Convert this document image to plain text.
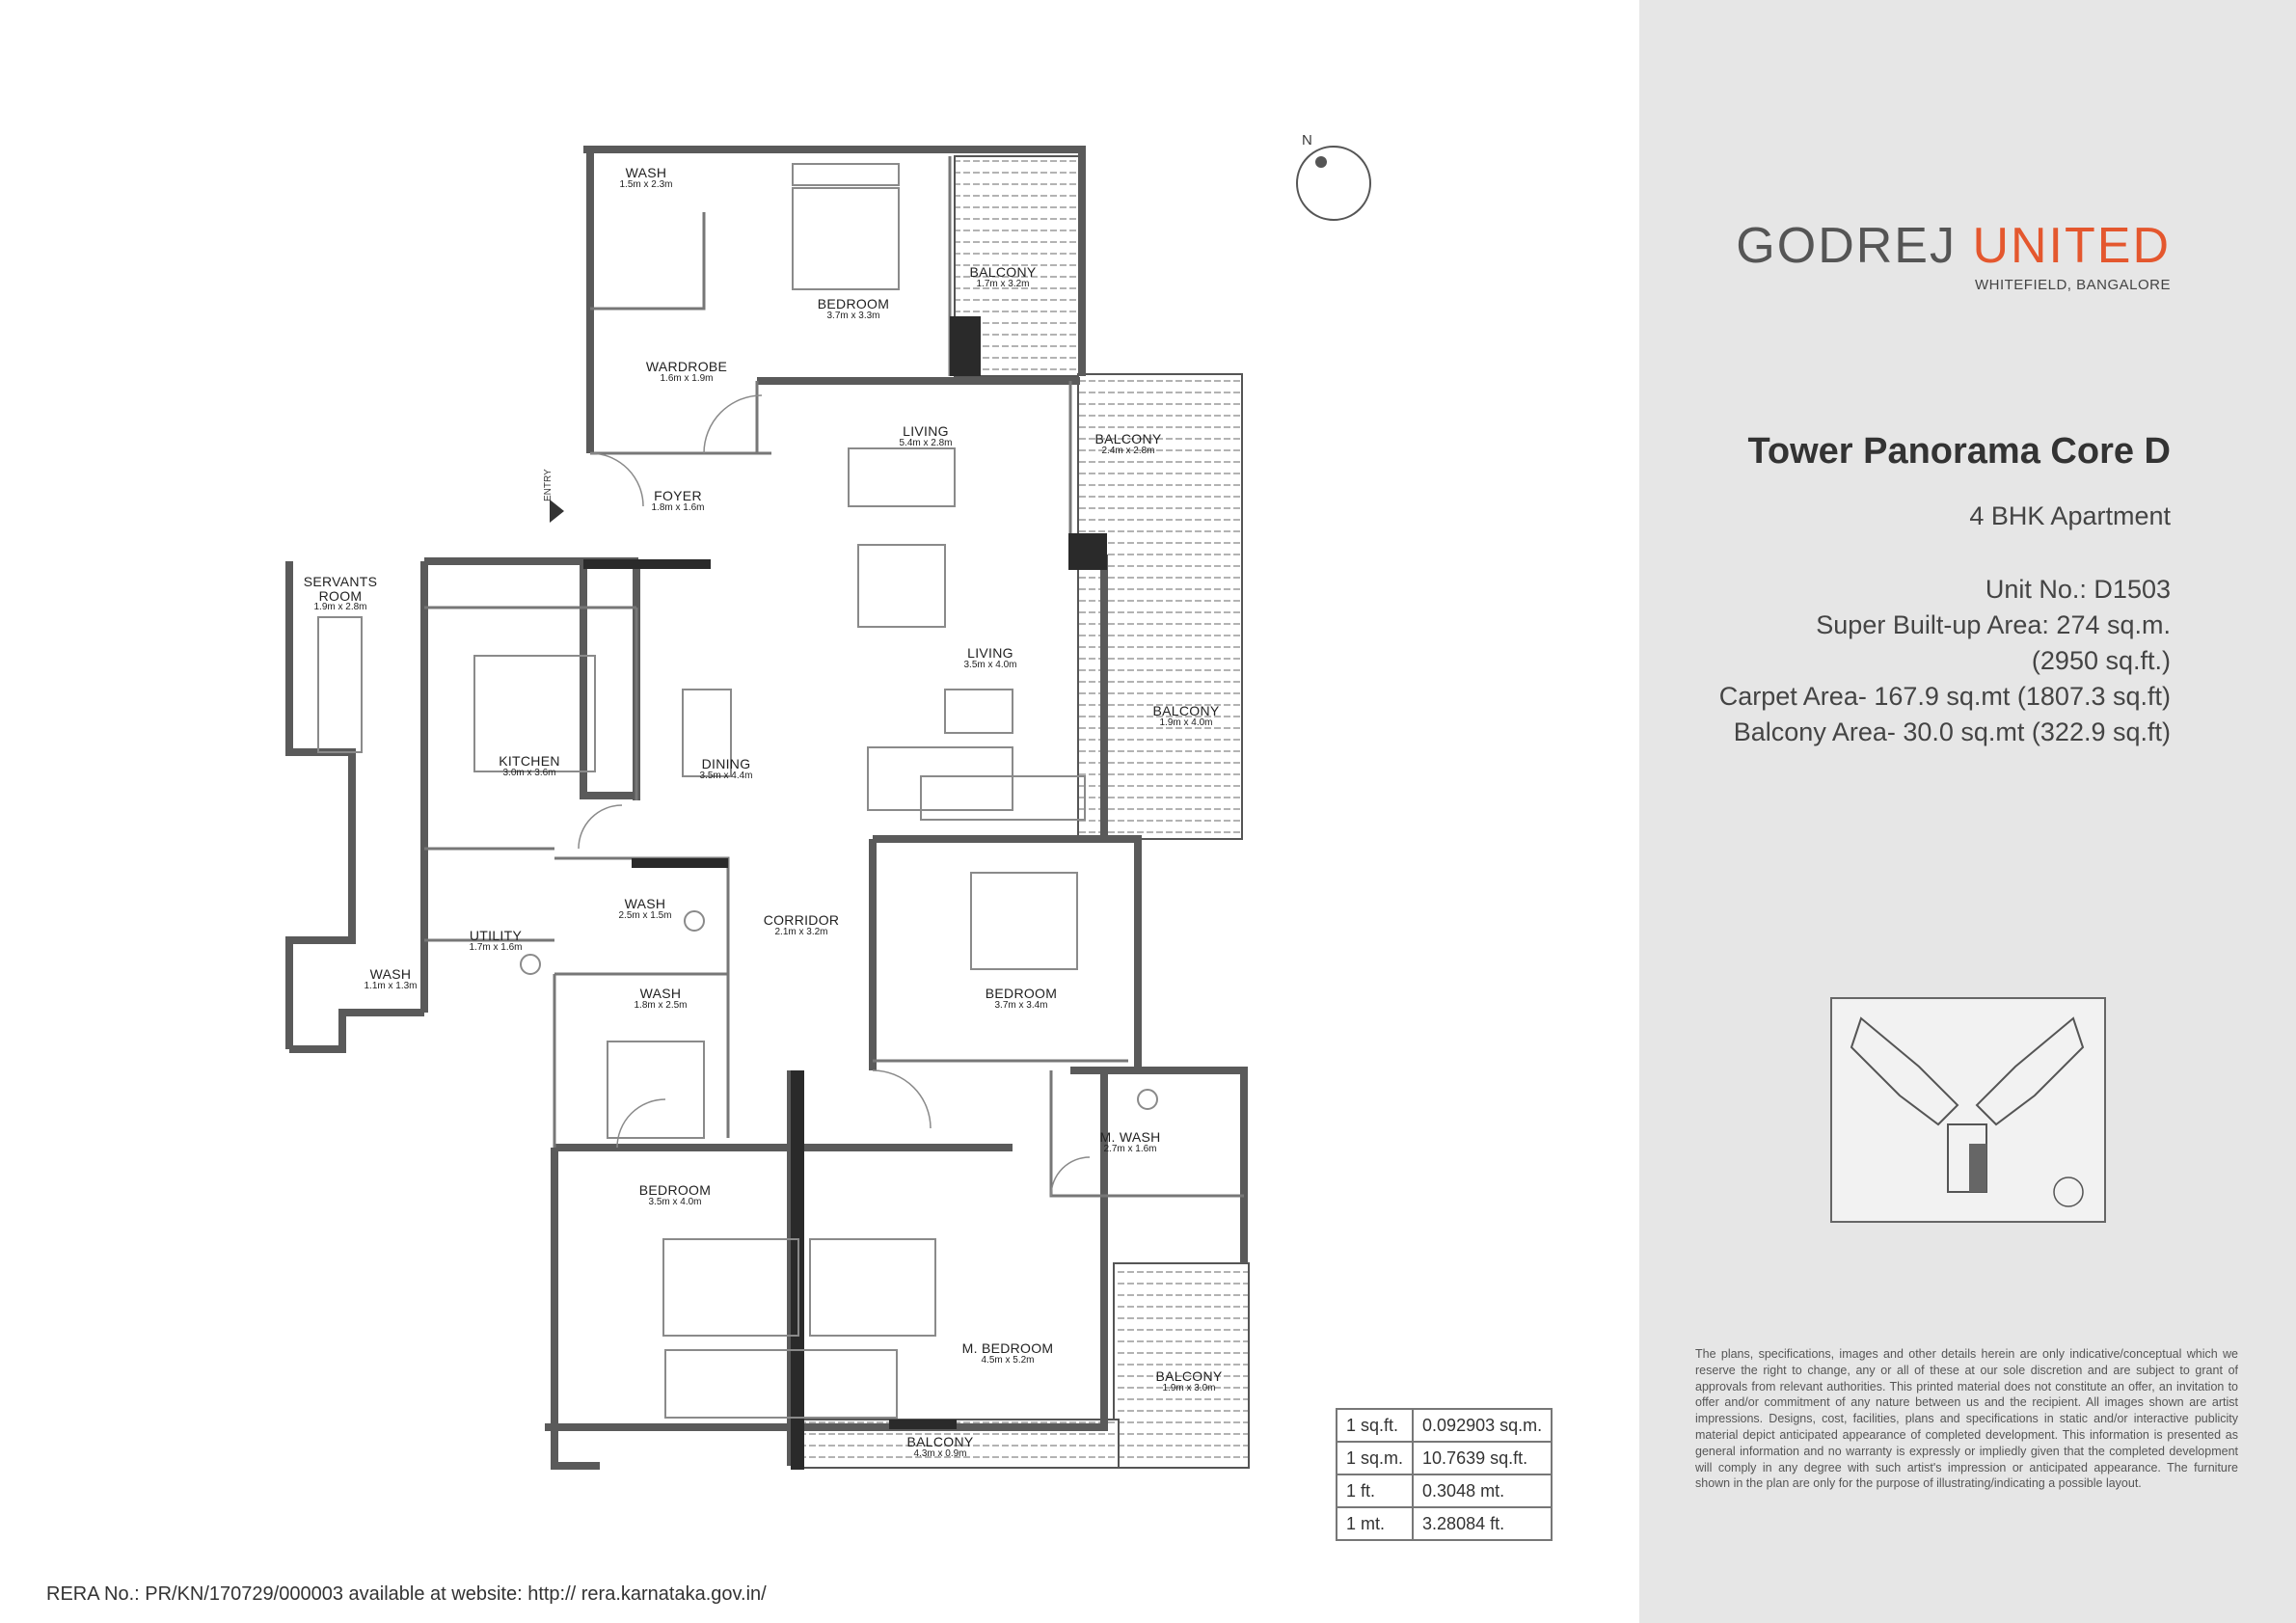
N
ENTRY
WASH
1.5m x 2.3m
BEDROOM
3.7m x 3.3m
BALCONY
1.7m x 3.2m
WARDROBE
1.6m x 1.9m
LIVING
5.4m x 2.8m	BALCONY
2.4m x 2.8m
FOYER
1.8m x 1.6m
SERVANTS
ROOM
1.9m x 2.8m
LIVING
3.5m x 4.0m
BALCONY
1.9m x 4.0m
KITCHEN
3.0m x 3.6m
DINING
3.5m x 4.4m
WASH
2.5m x 1.5m	CORRIDOR
2.1m x 3.2m
UTILITY
1.7m x 1.6m
WASH
1.1m x 1.3m	WASH
1.8m x 2.5m
BEDROOM
3.7m x 3.4m
M. WASH
2.7m x 1.6m
BEDROOM
3.5m x 4.0m
M. BEDROOM
4.5m x 5.2m
BALCONY
1.9m x 3.0m
BALCONY
4.3m x 0.9m
1 sq.ft.	0.092903 sq.m.
1 sq.m.	10.7639 sq.ft.
1 ft.	0.3048 mt.
1 mt.	3.28084 ft.
RERA No.: PR/KN/170729/000003 available at website: http:// rera.karnataka.gov.in/
GODREJ UNITED
WHITEFIELD, BANGALORE
Tower Panorama Core D
4 BHK Apartment
Unit No.: D1503
Super Built-up Area: 274 sq.m.
(2950 sq.ft.)
Carpet Area- 167.9 sq.mt (1807.3 sq.ft)
Balcony Area- 30.0 sq.mt (322.9 sq.ft)
The plans, specifications, images and other details herein are only indicative/conceptual which we reserve the right to change, any or all of these at our sole discretion and are subject to grant of approvals from relevant authorities. This printed material does not constitute an offer, an invitation to offer and/or commitment of any nature between us and the recipient. All images shown are artist impressions. Designs, cost, facilities, plans and specifications in static and/or interactive publicity material depict anticipated appearance of completed development. This information is presented as general information and no warranty is expressly or impliedly given that the completed development will comply in any degree with such artist's impression or anticipated appearance. The furniture shown in the plan are only for the purpose of illustrating/indicating a possible layout.
